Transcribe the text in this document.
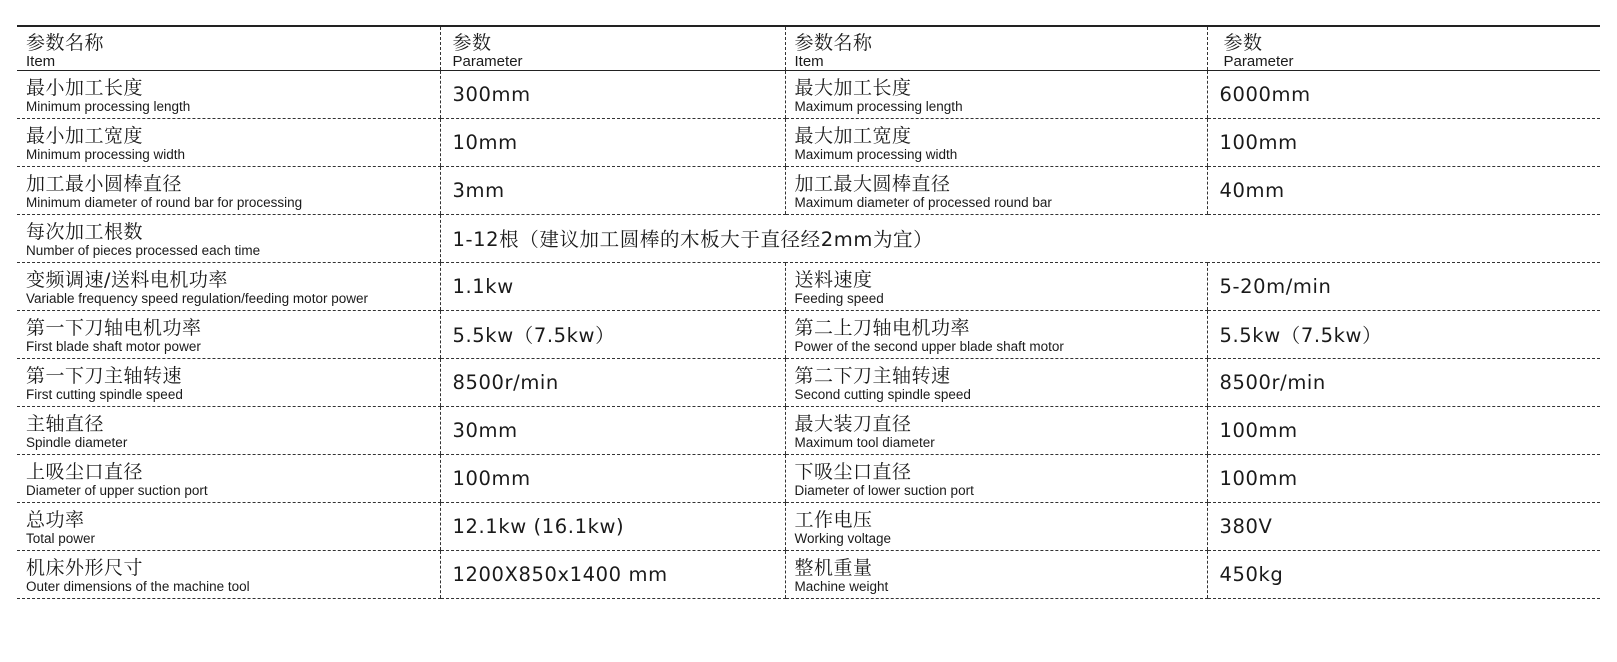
参数名称
Item	参数
Parameter	参数名称
Item	参数
Parameter

最小加工长度
Minimum processing length	300mm	最大加工长度
Maximum processing length	6000mm

最小加工宽度
Minimum processing width	10mm	最大加工宽度
Maximum processing width	100mm

加工最小圆棒直径
Minimum diameter of round bar for processing	3mm	加工最大圆棒直径
Maximum diameter of processed round bar	40mm

每次加工根数
Number of pieces processed each time	1-12根（建议加工圆棒的木板大于直径经2mm为宜）		

变频调速/送料电机功率
Variable frequency speed regulation/feeding motor power	1.1kw	送料速度
Feeding speed	5-20m/min

第一下刀轴电机功率
First blade shaft motor power	5.5kw（7.5kw）	第二上刀轴电机功率
Power of the second upper blade shaft motor	5.5kw（7.5kw）

第一下刀主轴转速
First cutting spindle speed	8500r/min	第二下刀主轴转速
Second cutting spindle speed	8500r/min

主轴直径
Spindle diameter	30mm	最大装刀直径
Maximum tool diameter	100mm

上吸尘口直径
Diameter of upper suction port	100mm	下吸尘口直径
Diameter of lower suction port	100mm

总功率
Total power	12.1kw (16.1kw)	工作电压
Working voltage	380V

机床外形尺寸
Outer dimensions of the machine tool	1200X850x1400 mm	整机重量
Machine weight	450kg
